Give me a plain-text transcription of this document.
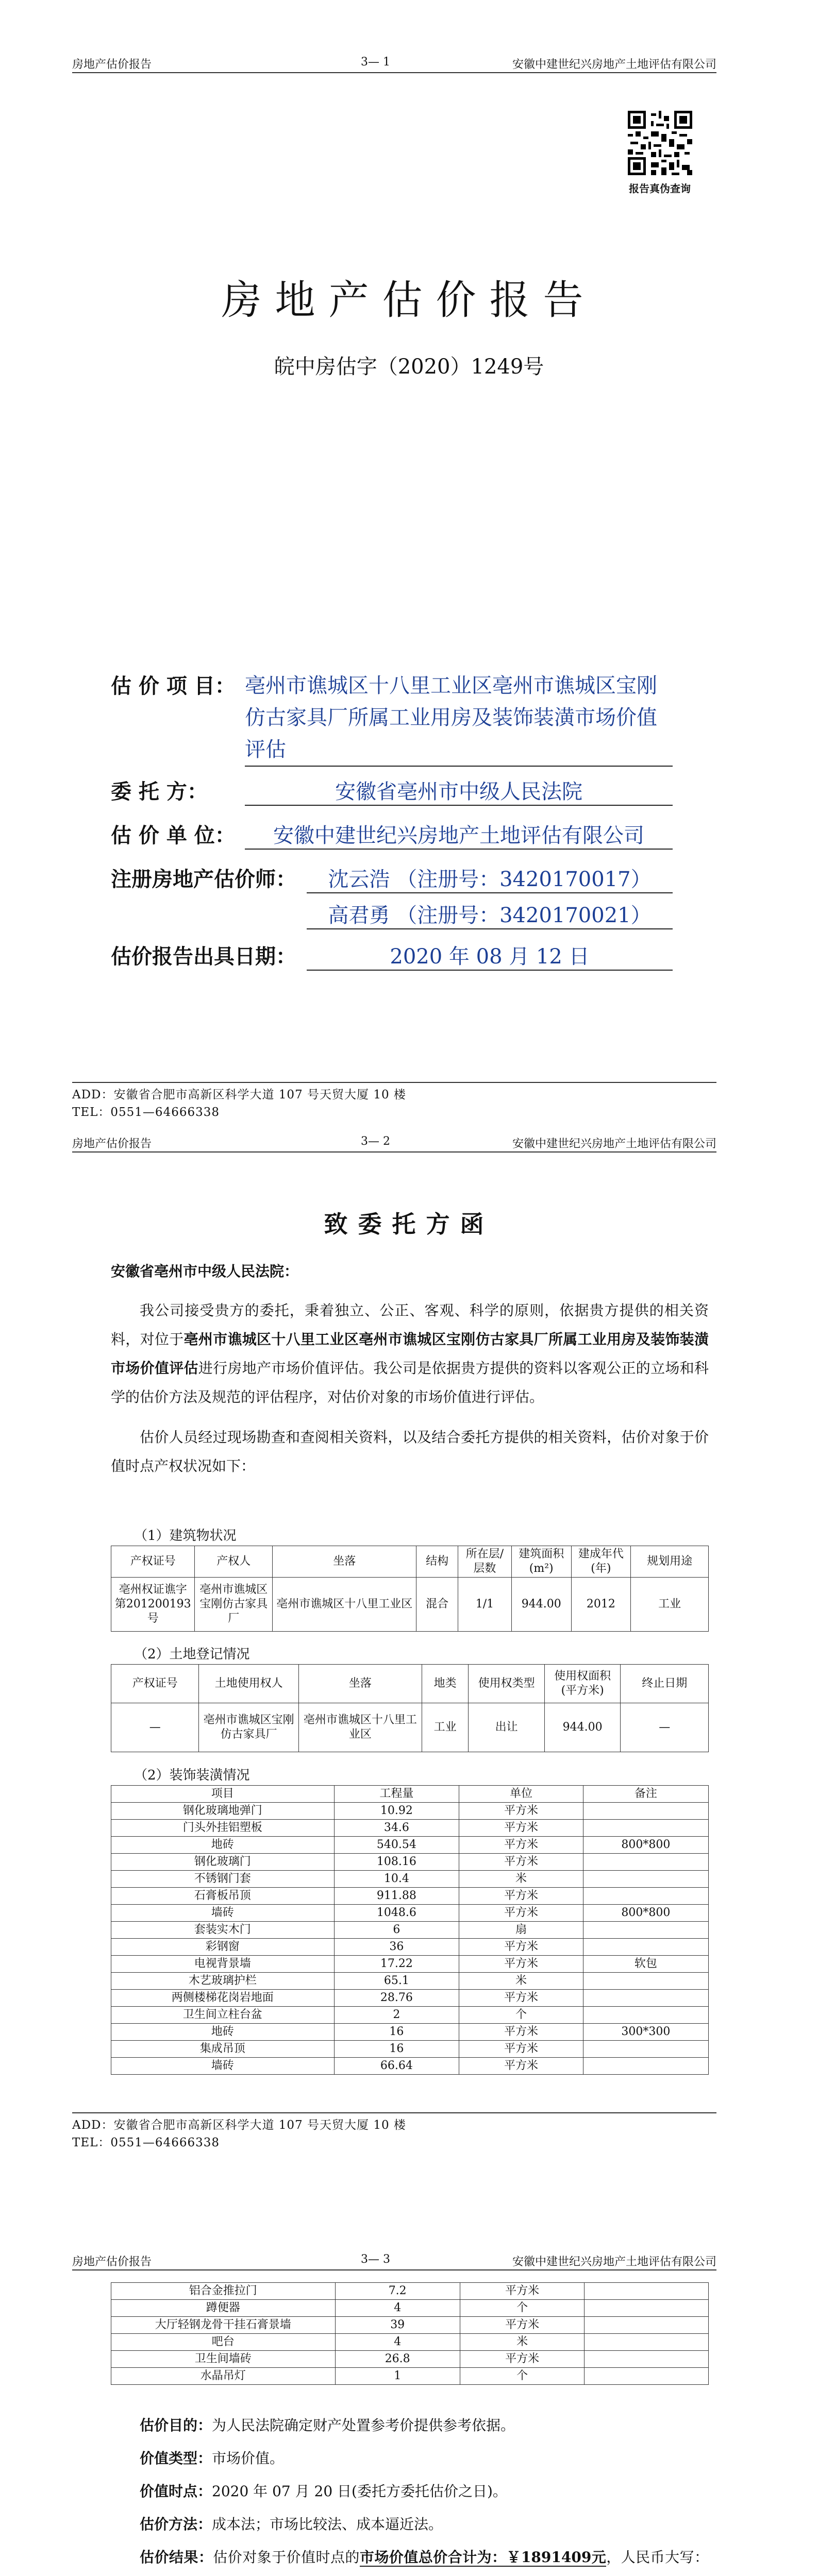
房地产估价报告	3— 1	安徽中建世纪兴房地产土地评估有限公司
报告真伪查询
房地产估价报告
皖中房估字（2020）1249号
估 价 项 目： 亳州市谯城区十八里工业区亳州市谯城区宝刚仿古家具厂所属工业用房及装饰装潢市场价值评估
委 托 方：	安徽省亳州市中级人民法院
估 价 单 位：	安徽中建世纪兴房地产土地评估有限公司
注册房地产估价师：	沈云浩 （注册号：3420170017）
高君勇 （注册号：3420170021）
估价报告出具日期：	2020 年 08 月 12 日
ADD：安徽省合肥市高新区科学大道 107 号天贸大厦 10 楼
TEL：0551—64666338
房地产估价报告	3— 2	安徽中建世纪兴房地产土地评估有限公司
致委托方函
安徽省亳州市中级人民法院：

我公司接受贵方的委托，秉着独立、公正、客观、科学的原则，依据贵方提供的相关资料，对位于亳州市谯城区十八里工业区亳州市谯城区宝刚仿古家具厂所属工业用房及装饰装潢市场价值评估进行房地产市场价值评估。我公司是依据贵方提供的资料以客观公正的立场和科学的估价方法及规范的评估程序，对估价对象的市场价值进行评估。

估价人员经过现场勘查和查阅相关资料，以及结合委托方提供的相关资料，估价对象于价值时点产权状况如下：

（1）建筑物状况
产权证号	产权人	坐落	结构	所在层/层数	建筑面积(m²)	建成年代(年)	规划用途
亳州权证谯字第201200193号	亳州市谯城区宝刚仿古家具厂	亳州市谯城区十八里工业区	混合	1/1	944.00	2012	工业
（2）土地登记情况
产权证号	土地使用权人	坐落	地类	使用权类型	使用权面积(平方米)	终止日期
—	亳州市谯城区宝刚仿古家具厂	亳州市谯城区十八里工业区	工业	出让	944.00	—
（2）装饰装潢情况
项目	工程量	单位	备注
钢化玻璃地弹门	10.92	平方米	
门头外挂铝塑板	34.6	平方米	
地砖	540.54	平方米	800*800
钢化玻璃门	108.16	平方米	
不锈钢门套	10.4	米	
石膏板吊顶	911.88	平方米	
墙砖	1048.6	平方米	800*800
套装实木门	6	扇	
彩钢窗	36	平方米	
电视背景墙	17.22	平方米	软包
木艺玻璃护栏	65.1	米	
两侧楼梯花岗岩地面	28.76	平方米	
卫生间立柱台盆	2	个	
地砖	16	平方米	300*300
集成吊顶	16	平方米	
墙砖	66.64	平方米	
ADD：安徽省合肥市高新区科学大道 107 号天贸大厦 10 楼
TEL：0551—64666338
房地产估价报告	3— 3	安徽中建世纪兴房地产土地评估有限公司
铝合金推拉门	7.2	平方米	
蹲便器	4	个	
大厅轻钢龙骨干挂石膏景墙	39	平方米	
吧台	4	米	
卫生间墙砖	26.8	平方米	
水晶吊灯	1	个	

估价目的：为人民法院确定财产处置参考价提供参考依据。

价值类型：市场价值。

价值时点：2020 年 07 月 20 日(委托方委托估价之日)。

估价方法：成本法；市场比较法、成本逼近法。

估价结果：估价对象于价值时点的市场价值总价合计为：￥1891409元，人民币大写：
